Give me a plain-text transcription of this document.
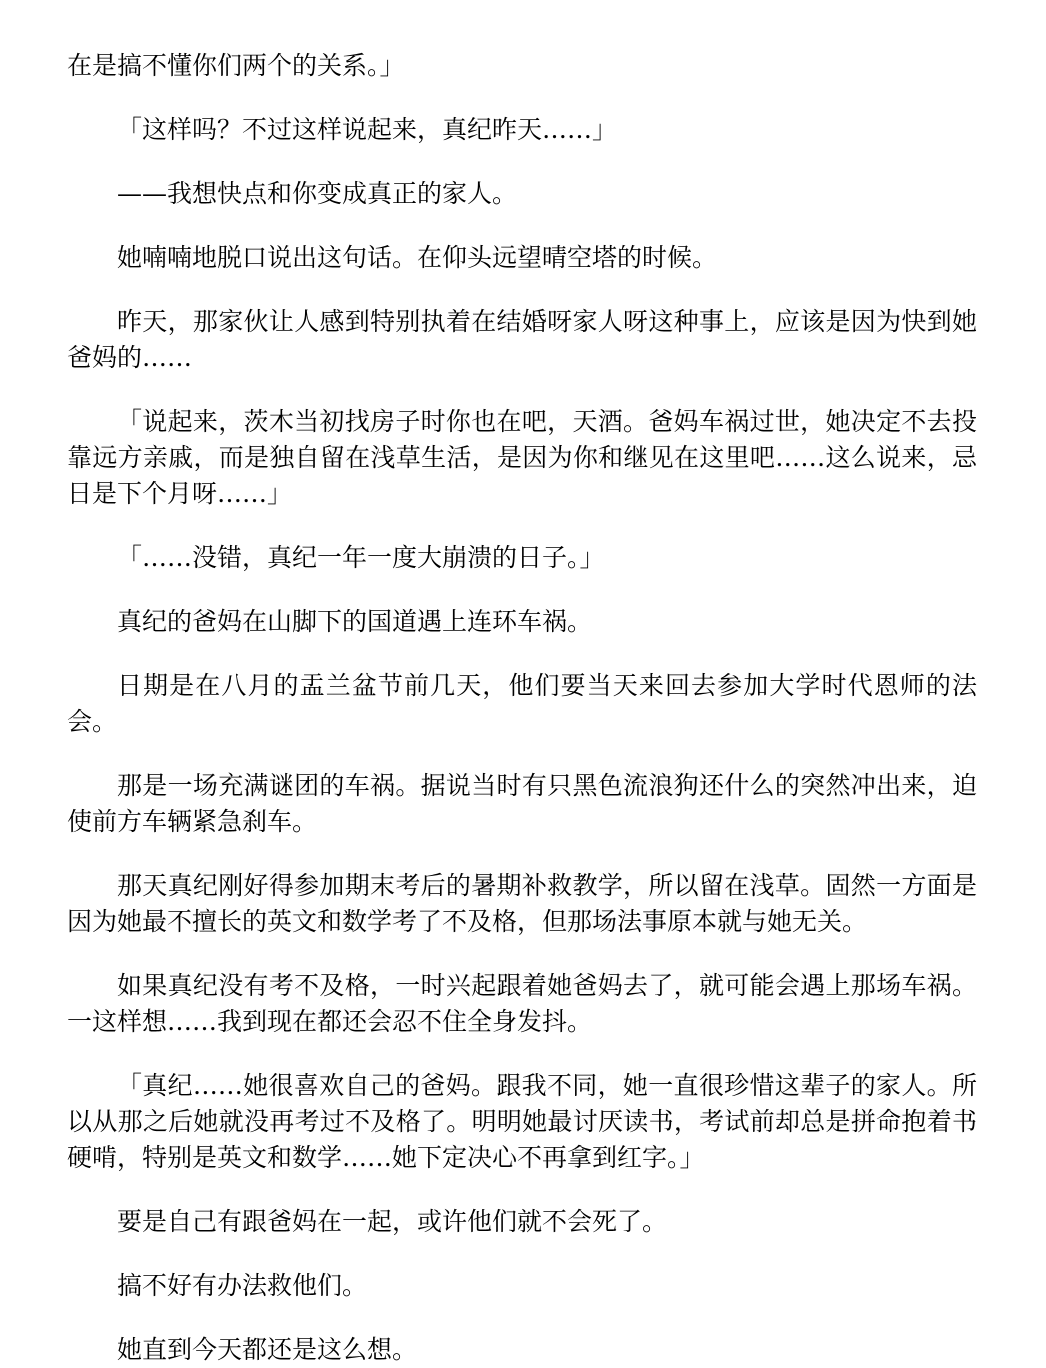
在是搞不懂你们两个的关系。」

「这样吗？不过这样说起来，真纪昨天……」

——我想快点和你变成真正的家人。

她喃喃地脱口说出这句话。在仰头远望晴空塔的时候。

昨天，那家伙让人感到特别执着在结婚呀家人呀这种事上，应该是因为快到她爸妈的……

「说起来，茨木当初找房子时你也在吧，天酒。爸妈车祸过世，她决定不去投靠远方亲戚，而是独自留在浅草生活，是因为你和继见在这里吧……这么说来，忌日是下个月呀……」

「……没错，真纪一年一度大崩溃的日子。」

真纪的爸妈在山脚下的国道遇上连环车祸。

日期是在八月的盂兰盆节前几天，他们要当天来回去参加大学时代恩师的法会。

那是一场充满谜团的车祸。据说当时有只黑色流浪狗还什么的突然冲出来，迫使前方车辆紧急刹车。

那天真纪刚好得参加期末考后的暑期补救教学，所以留在浅草。固然一方面是因为她最不擅长的英文和数学考了不及格，但那场法事原本就与她无关。

如果真纪没有考不及格，一时兴起跟着她爸妈去了，就可能会遇上那场车祸。一这样想……我到现在都还会忍不住全身发抖。

「真纪……她很喜欢自己的爸妈。跟我不同，她一直很珍惜这辈子的家人。所以从那之后她就没再考过不及格了。明明她最讨厌读书，考试前却总是拼命抱着书硬啃，特别是英文和数学……她下定决心不再拿到红字。」

要是自己有跟爸妈在一起，或许他们就不会死了。

搞不好有办法救他们。

她直到今天都还是这么想。
